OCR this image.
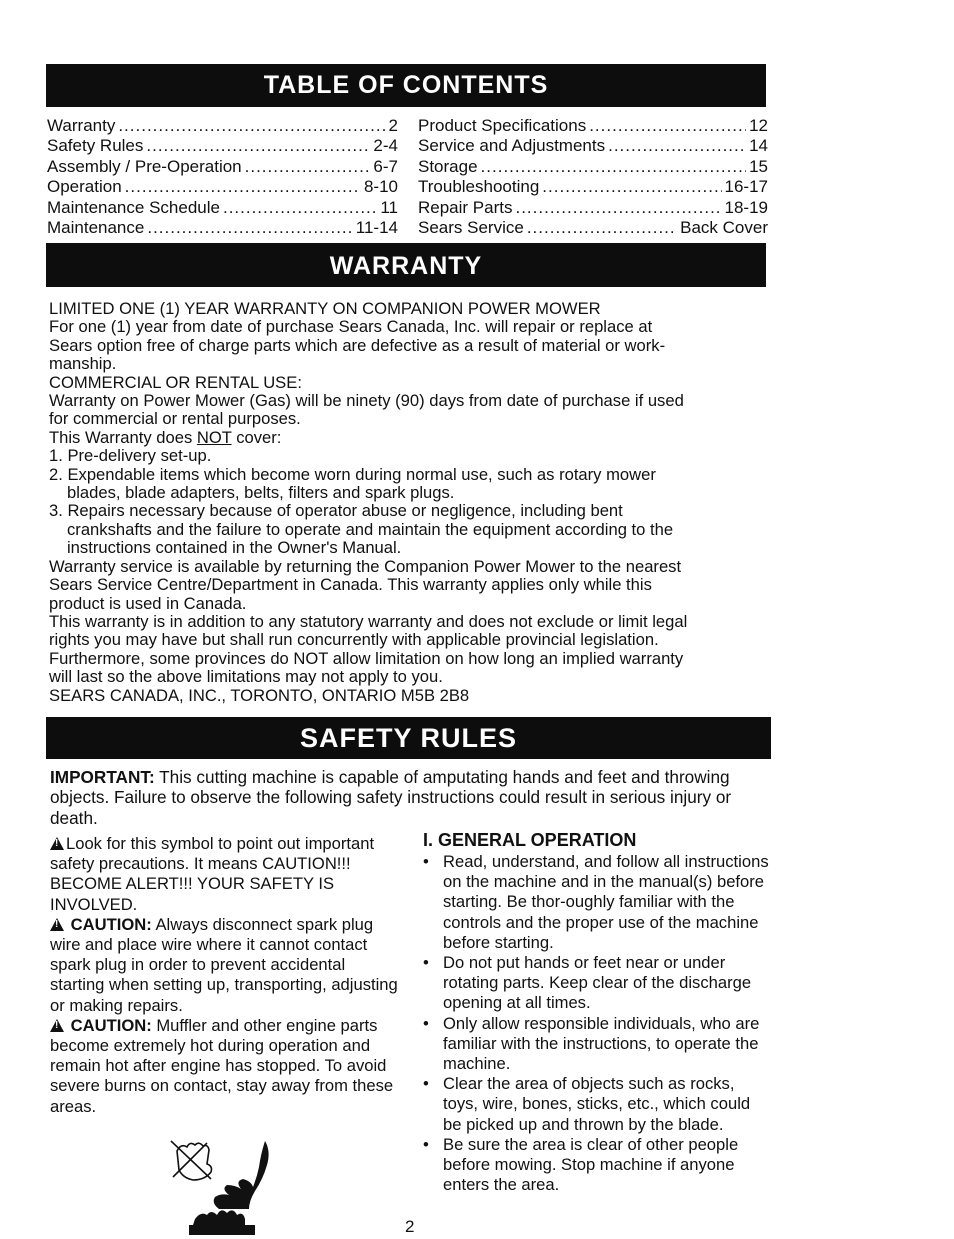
TABLE OF CONTENTS
Warranty .....	2
Safety Rules .....	2-4
Assembly / Pre-Operation .....	6-7
Operation .....	8-10
Maintenance Schedule .....	11
Maintenance .....	11-14
Product Specifications .....	12
Service and Adjustments .....	14
Storage .....	15
Troubleshooting .....	16-17
Repair Parts .....	18-19
Sears Service .....	Back Cover
WARRANTY
LIMITED ONE (1) YEAR WARRANTY ON COMPANION POWER MOWER
For one (1) year from date of purchase Sears Canada, Inc. will repair or replace at
Sears option free of charge parts which are defective as a result of material or work-
manship.
COMMERCIAL OR RENTAL USE:
Warranty on Power Mower (Gas) will be ninety (90) days from date of purchase if used
for commercial or rental purposes.
This Warranty does NOT cover:
1. Pre-delivery set-up.
2. Expendable items which become worn during normal use, such as rotary mower
blades, blade adapters, belts, filters and spark plugs.
3. Repairs necessary because of operator abuse or negligence, including bent
crankshafts and the failure to operate and maintain the equipment according to the
instructions contained in the Owner's Manual.
Warranty service is available by returning the Companion Power Mower to the nearest
Sears Service Centre/Department in Canada. This warranty applies only while this
product is used in Canada.
This warranty is in addition to any statutory warranty and does not exclude or limit legal
rights you may have but shall run concurrently with applicable provincial legislation.
Furthermore, some provinces do NOT allow limitation on how long an implied warranty
will last so the above limitations may not apply to you.
SEARS CANADA, INC., TORONTO, ONTARIO M5B 2B8
SAFETY RULES
IMPORTANT: This cutting machine is capable of amputating hands and feet and throwing objects. Failure to observe the following safety instructions could result in serious injury or death.
!Look for this symbol to point out important safety precautions. It means CAUTION!!! BECOME ALERT!!! YOUR SAFETY IS INVOLVED.
! CAUTION: Always disconnect spark plug wire and place wire where it cannot contact spark plug in order to prevent accidental starting when setting up, transporting, adjusting or making repairs.
! CAUTION: Muffler and other engine parts become extremely hot during operation and remain hot after engine has stopped. To avoid severe burns on contact, stay away from these areas.
I. GENERAL OPERATION
• Read, understand, and follow all instructions on the machine and in the manual(s) before starting. Be thor-oughly familiar with the controls and the proper use of the machine before starting.
• Do not put hands or feet near or under rotating parts. Keep clear of the discharge opening at all times.
• Only allow responsible individuals, who are familiar with the instructions, to operate the machine.
• Clear the area of objects such as rocks, toys, wire, bones, sticks, etc., which could be picked up and thrown by the blade.
• Be sure the area is clear of other people before mowing. Stop machine if anyone enters the area.
2
